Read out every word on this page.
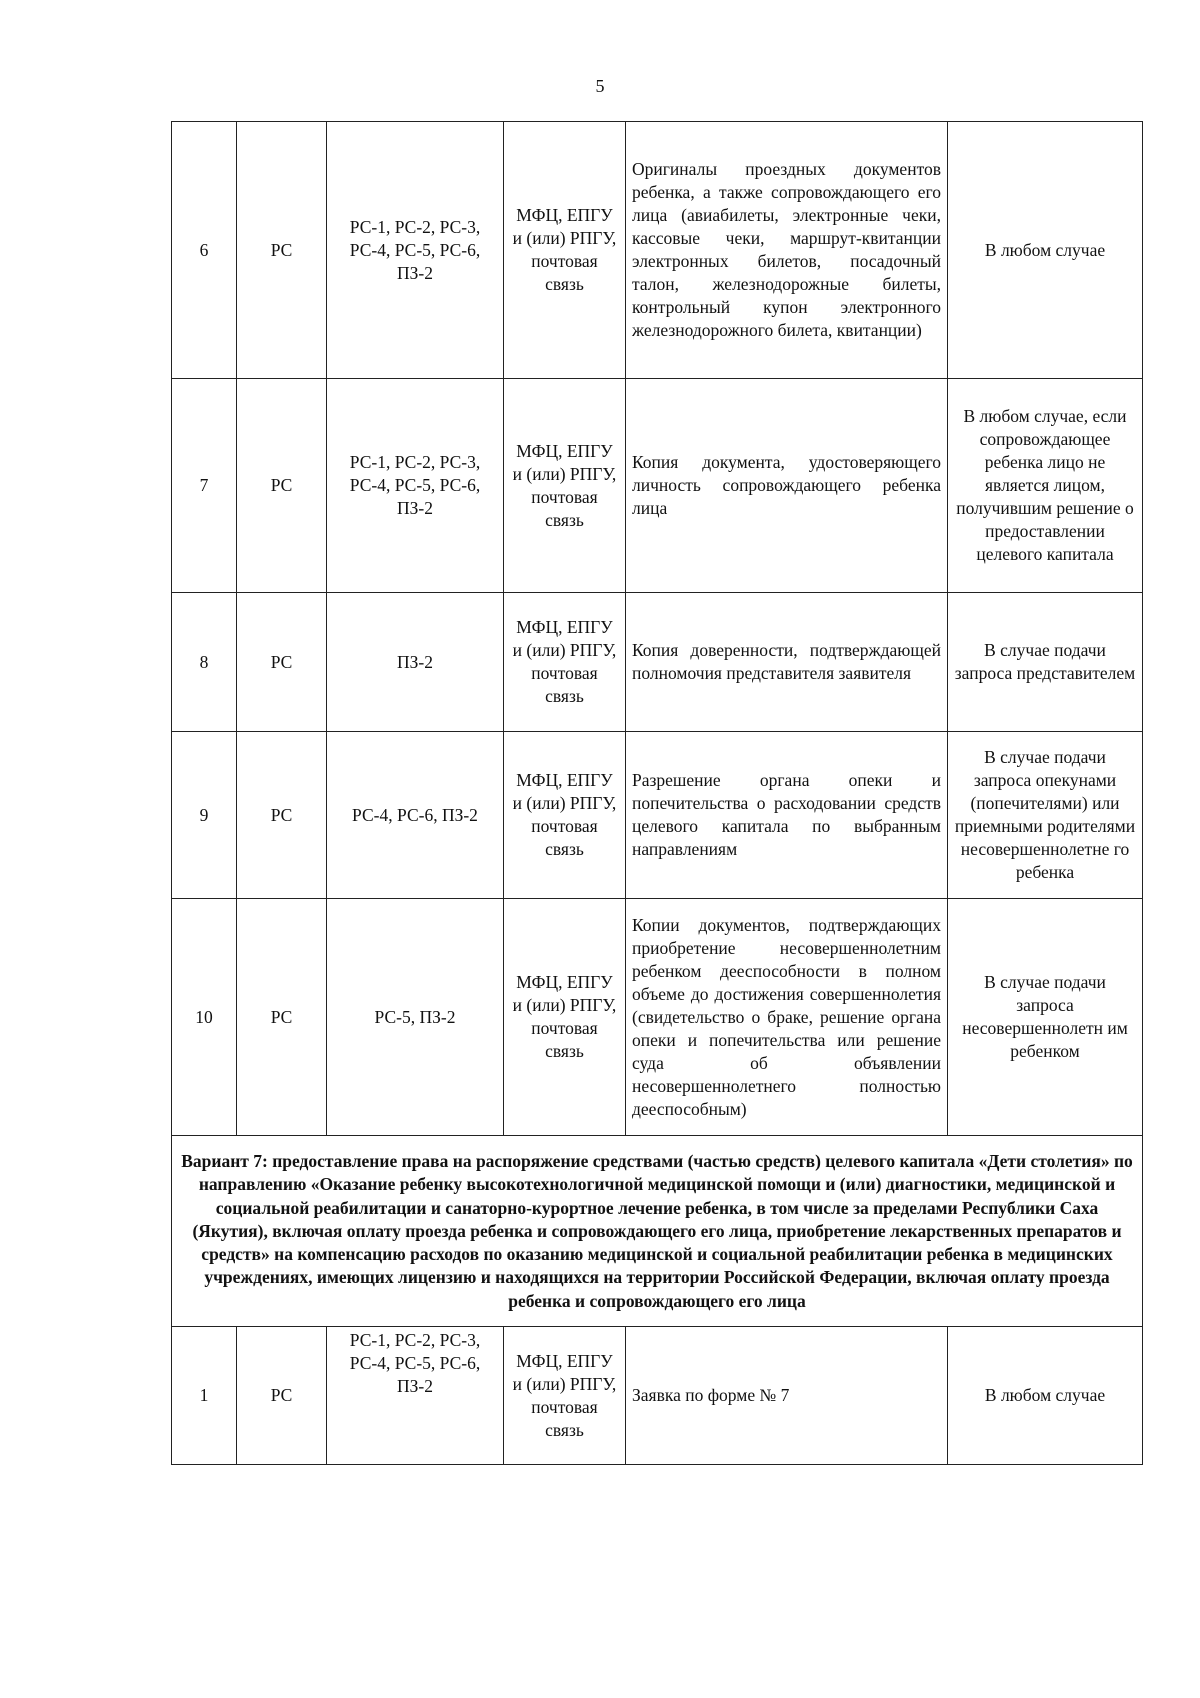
5
6	РС	РС-1, РС-2, РС-3, РС-4, РС-5, РС-6, ПЗ-2	МФЦ, ЕПГУ и (или) РПГУ, почтовая связь	Оригиналы проездных документов ребенка, а также сопровождающего его лица (авиабилеты, электронные чеки, кассовые чеки, маршрут-квитанции электронных билетов, посадочный талон, железнодорожные билеты, контрольный купон электронного железнодорожного билета, квитанции)	В любом случае
7	РС	РС-1, РС-2, РС-3, РС-4, РС-5, РС-6, ПЗ-2	МФЦ, ЕПГУ и (или) РПГУ, почтовая связь	Копия документа, удостоверяющего личность сопровождающего ребенка лица	В любом случае, если сопровождающее ребенка лицо не является лицом, получившим решение о предоставлении целевого капитала
8	РС	ПЗ-2	МФЦ, ЕПГУ и (или) РПГУ, почтовая связь	Копия доверенности, подтверждающей полномочия представителя заявителя	В случае подачи запроса представителем
9	РС	РС-4, РС-6, ПЗ-2	МФЦ, ЕПГУ и (или) РПГУ, почтовая связь	Разрешение органа опеки и попечительства о расходовании средств целевого капитала по выбранным направлениям	В случае подачи запроса опекунами (попечителями) или приемными родителями несовершеннолетне го ребенка
10	РС	РС-5, ПЗ-2	МФЦ, ЕПГУ и (или) РПГУ, почтовая связь	Копии документов, подтверждающих приобретение несовершеннолетним ребенком дееспособности в полном объеме до достижения совершеннолетия (свидетельство о браке, решение органа опеки и попечительства или решение суда об объявлении несовершеннолетнего полностью дееспособным)	В случае подачи запроса несовершеннолетн им ребенком
Вариант 7: предоставление права на распоряжение средствами (частью средств) целевого капитала «Дети столетия» по направлению «Оказание ребенку высокотехнологичной медицинской помощи и (или) диагностики, медицинской и социальной реабилитации и санаторно-курортное лечение ребенка, в том числе за пределами Республики Саха (Якутия), включая оплату проезда ребенка и сопровождающего его лица, приобретение лекарственных препаратов и средств» на компенсацию расходов по оказанию медицинской и социальной реабилитации ребенка в медицинских учреждениях, имеющих лицензию и находящихся на территории Российской Федерации, включая оплату проезда ребенка и сопровождающего его лица					
1	РС	РС-1, РС-2, РС-3, РС-4, РС-5, РС-6, ПЗ-2	МФЦ, ЕПГУ и (или) РПГУ, почтовая связь	Заявка по форме № 7	В любом случае
